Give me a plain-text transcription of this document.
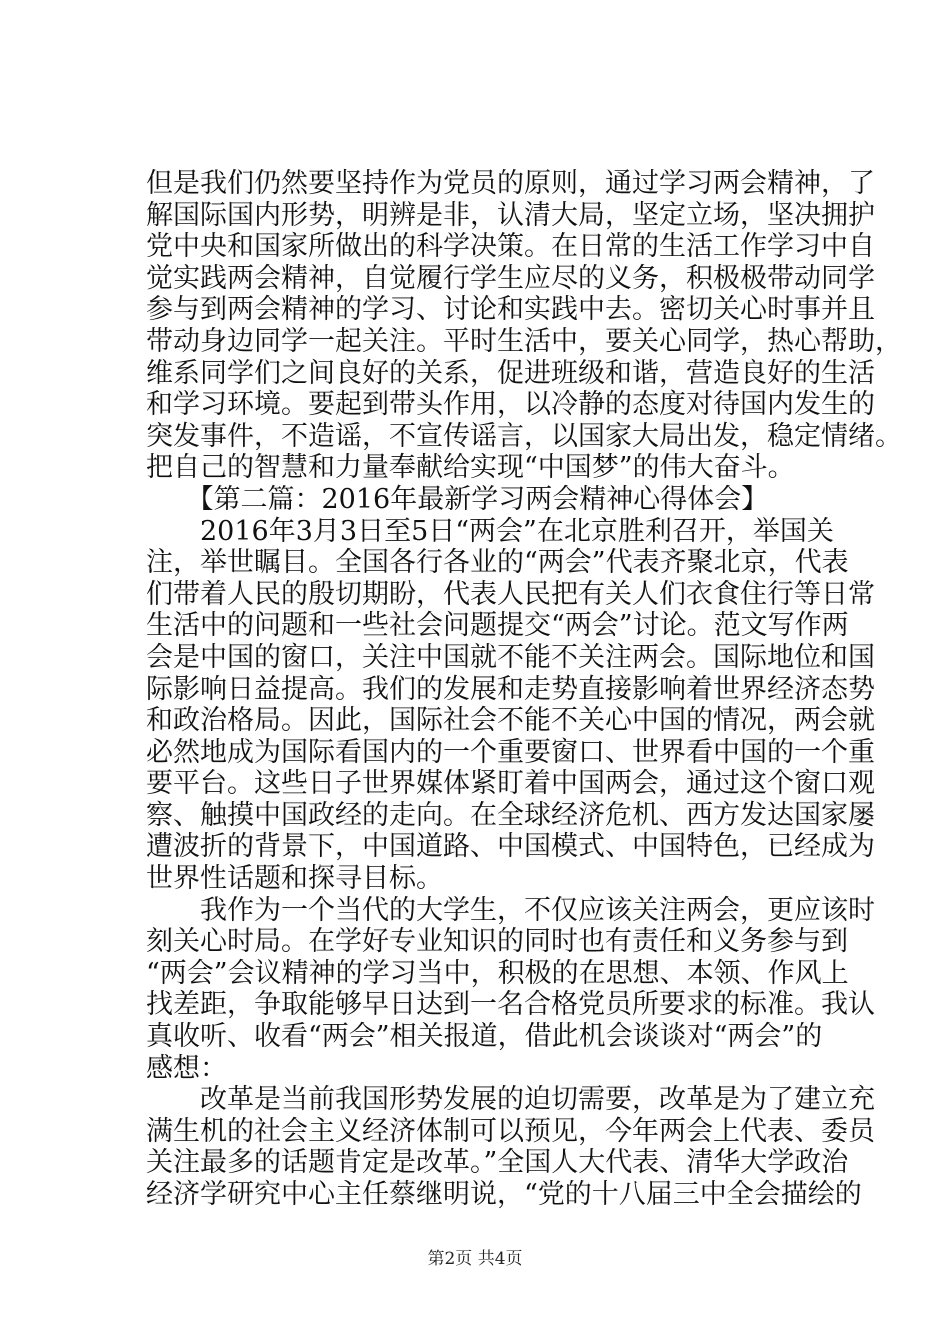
但是我们仍然要坚持作为党员的原则，通过学习两会精神，了
解国际国内形势，明辨是非，认清大局，坚定立场，坚决拥护
党中央和国家所做出的科学决策。在日常的生活工作学习中自
觉实践两会精神，自觉履行学生应尽的义务，积极极带动同学
参与到两会精神的学习、讨论和实践中去。密切关心时事并且
带动身边同学一起关注。平时生活中，要关心同学，热心帮助，
维系同学们之间良好的关系，促进班级和谐，营造良好的生活
和学习环境。要起到带头作用，以冷静的态度对待国内发生的
突发事件，不造谣，不宣传谣言，以国家大局出发，稳定情绪。
把自己的智慧和力量奉献给实现“中国梦”的伟大奋斗。
　　【第二篇：2016年最新学习两会精神心得体会】
　　2016年3月3日至5日“两会”在北京胜利召开，举国关
注，举世瞩目。全国各行各业的“两会”代表齐聚北京，代表
们带着人民的殷切期盼，代表人民把有关人们衣食住行等日常
生活中的问题和一些社会问题提交“两会”讨论。范文写作两
会是中国的窗口，关注中国就不能不关注两会。国际地位和国
际影响日益提高。我们的发展和走势直接影响着世界经济态势
和政治格局。因此，国际社会不能不关心中国的情况，两会就
必然地成为国际看国内的一个重要窗口、世界看中国的一个重
要平台。这些日子世界媒体紧盯着中国两会，通过这个窗口观
察、触摸中国政经的走向。在全球经济危机、西方发达国家屡
遭波折的背景下，中国道路、中国模式、中国特色，已经成为
世界性话题和探寻目标。
　　我作为一个当代的大学生，不仅应该关注两会，更应该时
刻关心时局。在学好专业知识的同时也有责任和义务参与到
“两会”会议精神的学习当中，积极的在思想、本领、作风上
找差距，争取能够早日达到一名合格党员所要求的标准。我认
真收听、收看“两会”相关报道，借此机会谈谈对“两会”的
感想：
　　改革是当前我国形势发展的迫切需要，改革是为了建立充
满生机的社会主义经济体制可以预见，今年两会上代表、委员
关注最多的话题肯定是改革。”全国人大代表、清华大学政治
经济学研究中心主任蔡继明说，“党的十八届三中全会描绘的
第2页 共4页
